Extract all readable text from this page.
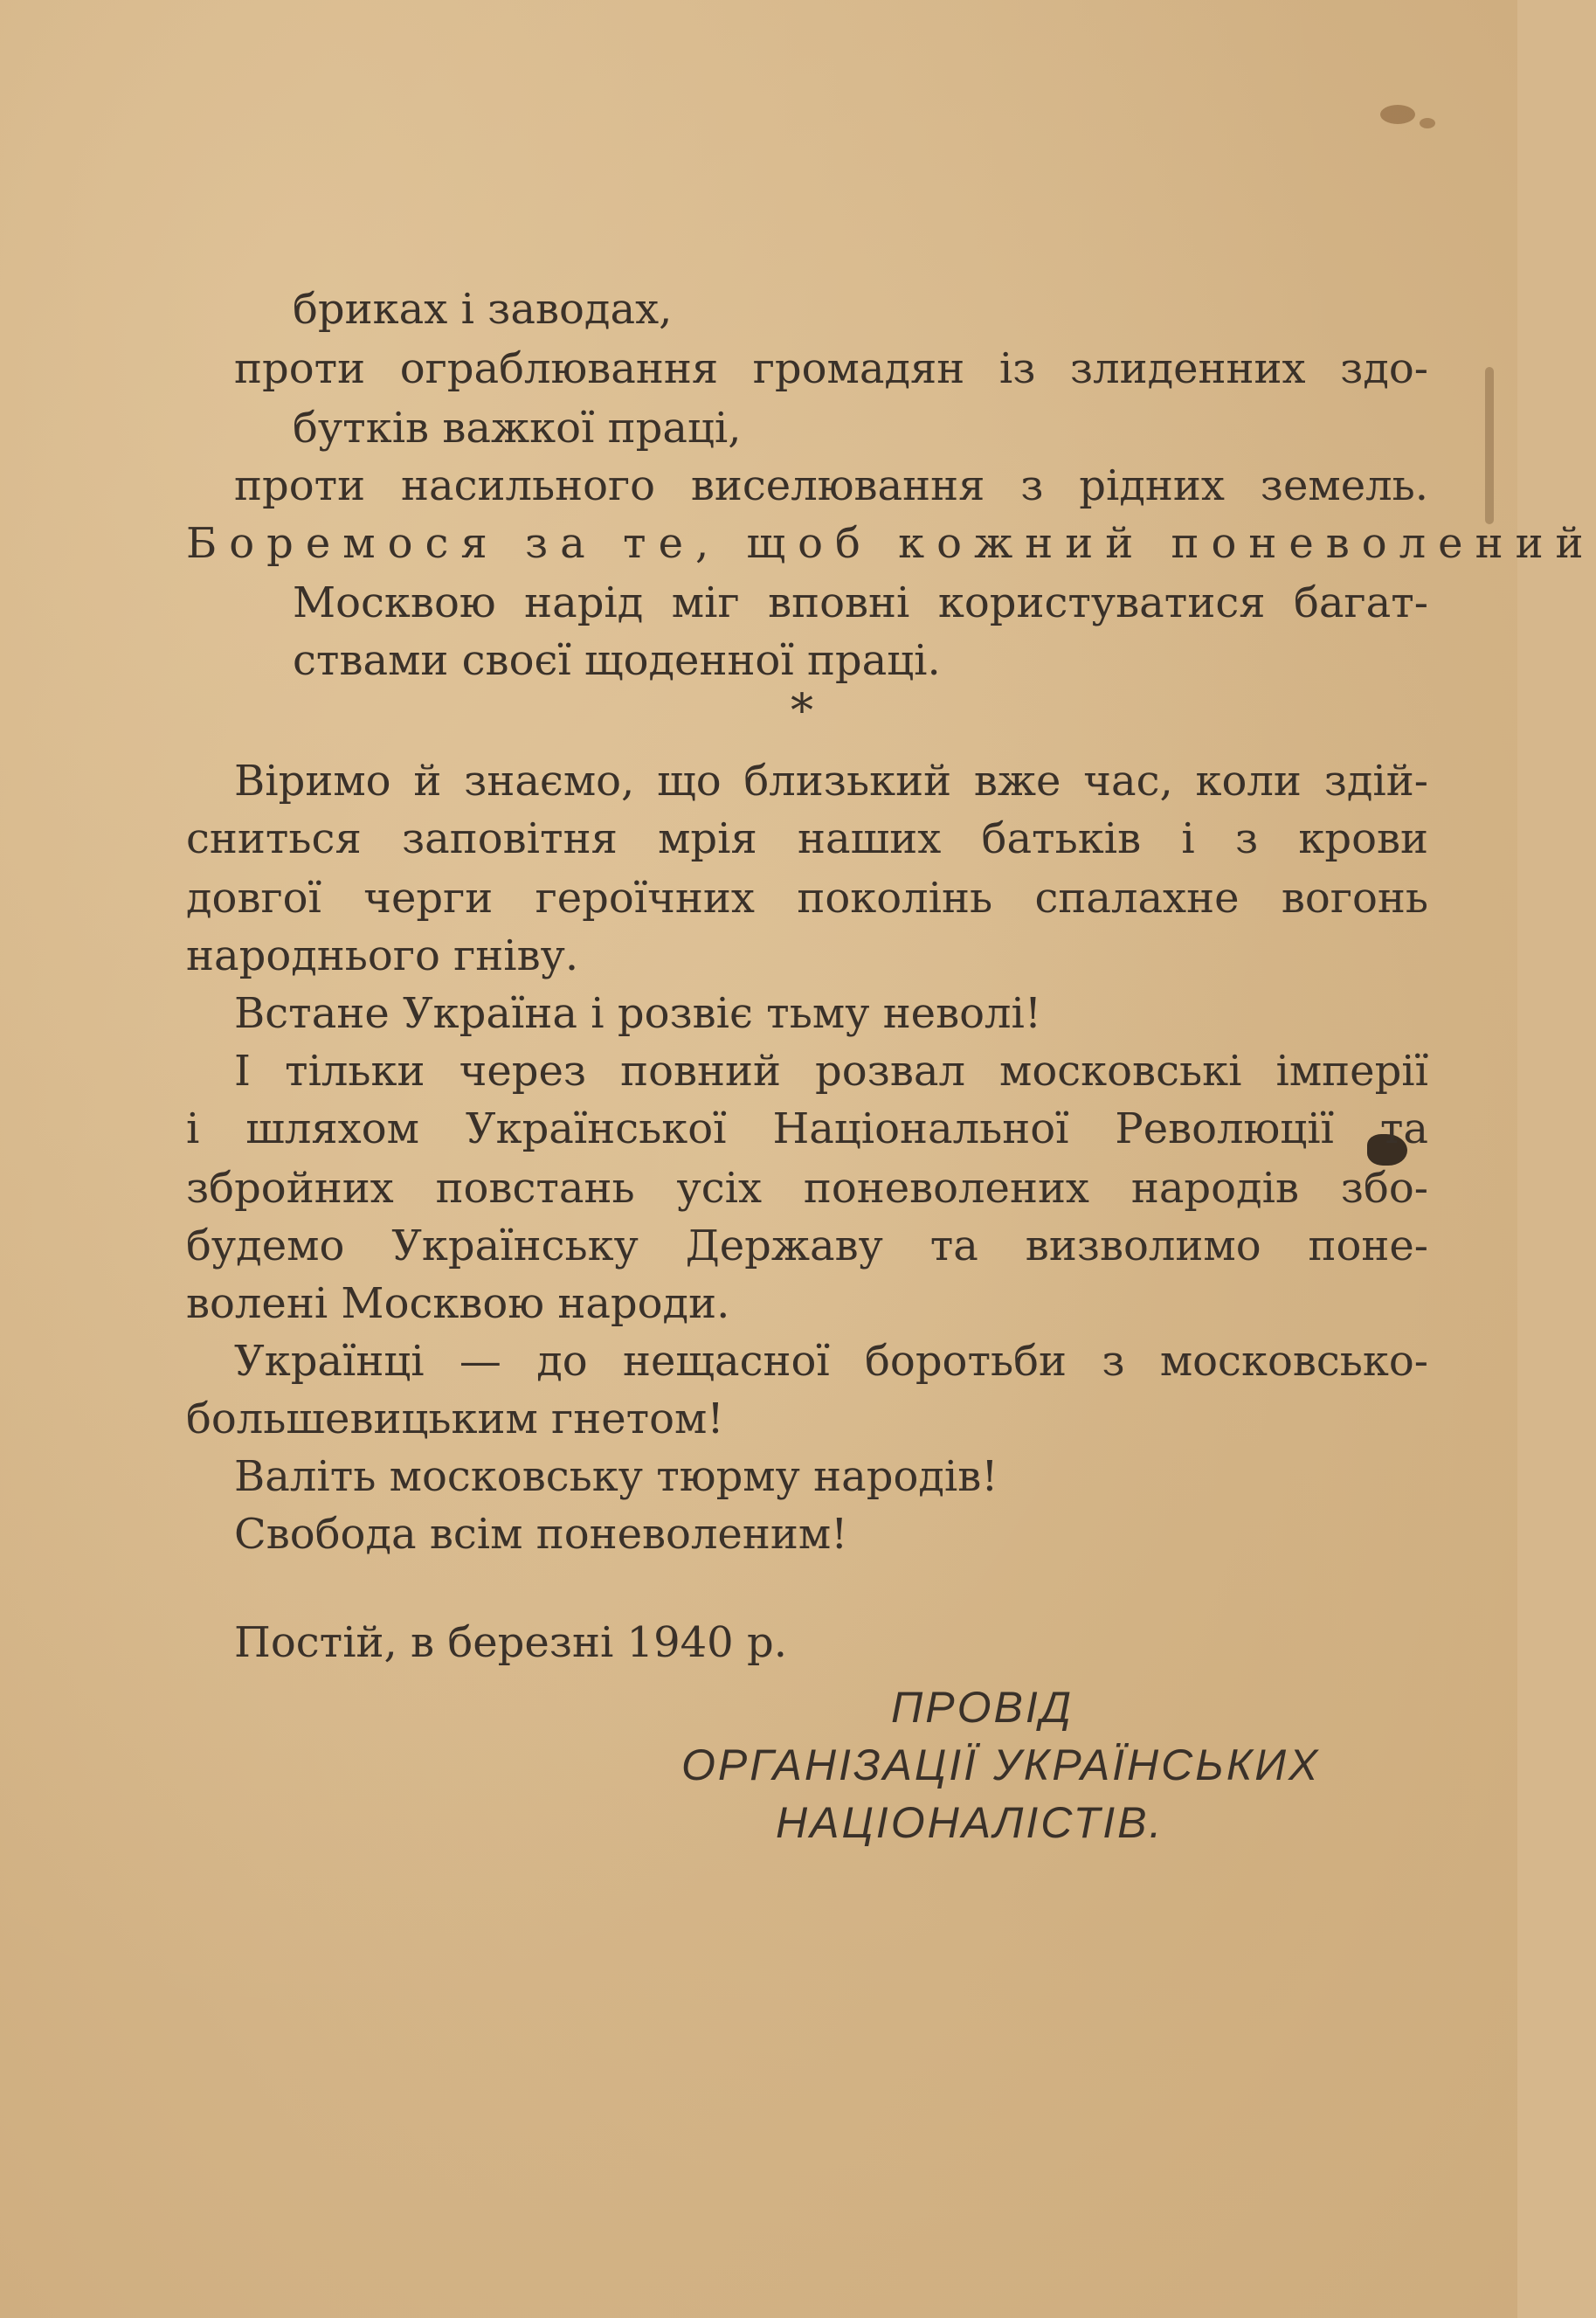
брикaх і заводах,
проти ограблювання громадян із злиденних здо-
бутків важкої праці,
проти насильного виселювання з рідних земель.
Боремося за те, щоб кожний поневолений
Москвою нарід міг вповні користуватися багат-
ствами своєї щоденної праці.
*
Віримо й знаємо, що близький вже час, коли здій-
сниться заповітня мрія наших батьків і з крови
довгої черги героїчних поколінь спалахне вогонь
народнього гніву.
Встане Україна і розвіє тьму неволі!
І тільки через повний розвал московські імперії
і шляхом Української Національної Революції та
збройних повстань усіх поневолених народів збо-
будемо Українську Державу та визволимо поне-
волені Москвою народи.
Українці — до нещасної боротьби з московсько-
большевицьким гнетом!
Валіть московську тюрму народів!
Свобода всім поневоленим!
Постій, в березні 1940 р.
ПРОВІД
ОРГАНІЗАЦІЇ УКРАЇНСЬКИХ
НАЦІОНАЛІСТІВ.
